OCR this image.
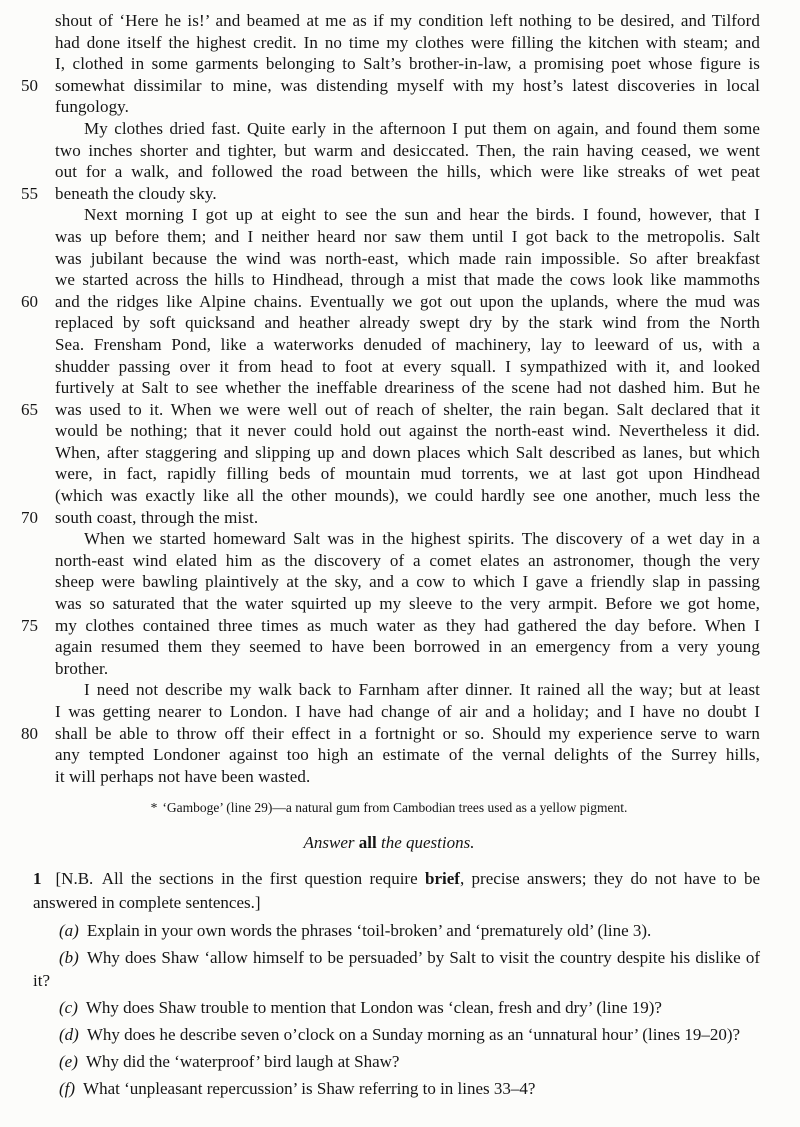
shout of ‘Here he is!’ and beamed at me as if my condition left nothing to be desired, and Tilford
had done itself the highest credit. In no time my clothes were filling the kitchen with steam; and
I, clothed in some garments belonging to Salt’s brother-in-law, a promising poet whose figure is
50 somewhat dissimilar to mine, was distending myself with my host’s latest discoveries in local
fungology.
My clothes dried fast. Quite early in the afternoon I put them on again, and found them some
two inches shorter and tighter, but warm and desiccated. Then, the rain having ceased, we went
out for a walk, and followed the road between the hills, which were like streaks of wet peat
55 beneath the cloudy sky.
Next morning I got up at eight to see the sun and hear the birds. I found, however, that I
was up before them; and I neither heard nor saw them until I got back to the metropolis. Salt
was jubilant because the wind was north-east, which made rain impossible. So after breakfast
we started across the hills to Hindhead, through a mist that made the cows look like mammoths
60 and the ridges like Alpine chains. Eventually we got out upon the uplands, where the mud was
replaced by soft quicksand and heather already swept dry by the stark wind from the North
Sea. Frensham Pond, like a waterworks denuded of machinery, lay to leeward of us, with a
shudder passing over it from head to foot at every squall. I sympathized with it, and looked
furtively at Salt to see whether the ineffable dreariness of the scene had not dashed him. But he
65 was used to it. When we were well out of reach of shelter, the rain began. Salt declared that it
would be nothing; that it never could hold out against the north-east wind. Nevertheless it did.
When, after staggering and slipping up and down places which Salt described as lanes, but which
were, in fact, rapidly filling beds of mountain mud torrents, we at last got upon Hindhead
(which was exactly like all the other mounds), we could hardly see one another, much less the
70 south coast, through the mist.
When we started homeward Salt was in the highest spirits. The discovery of a wet day in a
north-east wind elated him as the discovery of a comet elates an astronomer, though the very
sheep were bawling plaintively at the sky, and a cow to which I gave a friendly slap in passing
was so saturated that the water squirted up my sleeve to the very armpit. Before we got home,
75 my clothes contained three times as much water as they had gathered the day before. When I
again resumed them they seemed to have been borrowed in an emergency from a very young
brother.
I need not describe my walk back to Farnham after dinner. It rained all the way; but at least
I was getting nearer to London. I have had change of air and a holiday; and I have no doubt I
80 shall be able to throw off their effect in a fortnight or so. Should my experience serve to warn
any tempted Londoner against too high an estimate of the vernal delights of the Surrey hills,
it will perhaps not have been wasted.
* ‘Gamboge’ (line 29)—a natural gum from Cambodian trees used as a yellow pigment.
Answer all the questions.

1 [N.B. All the sections in the first question require brief, precise answers; they do not have to be answered in complete sentences.]

(a) Explain in your own words the phrases ‘toil-broken’ and ‘prematurely old’ (line 3).

(b) Why does Shaw ‘allow himself to be persuaded’ by Salt to visit the country despite his dislike of it?

(c) Why does Shaw trouble to mention that London was ‘clean, fresh and dry’ (line 19)?

(d) Why does he describe seven o’clock on a Sunday morning as an ‘unnatural hour’ (lines 19–20)?

(e) Why did the ‘waterproof’ bird laugh at Shaw?

(f) What ‘unpleasant repercussion’ is Shaw referring to in lines 33–4?
